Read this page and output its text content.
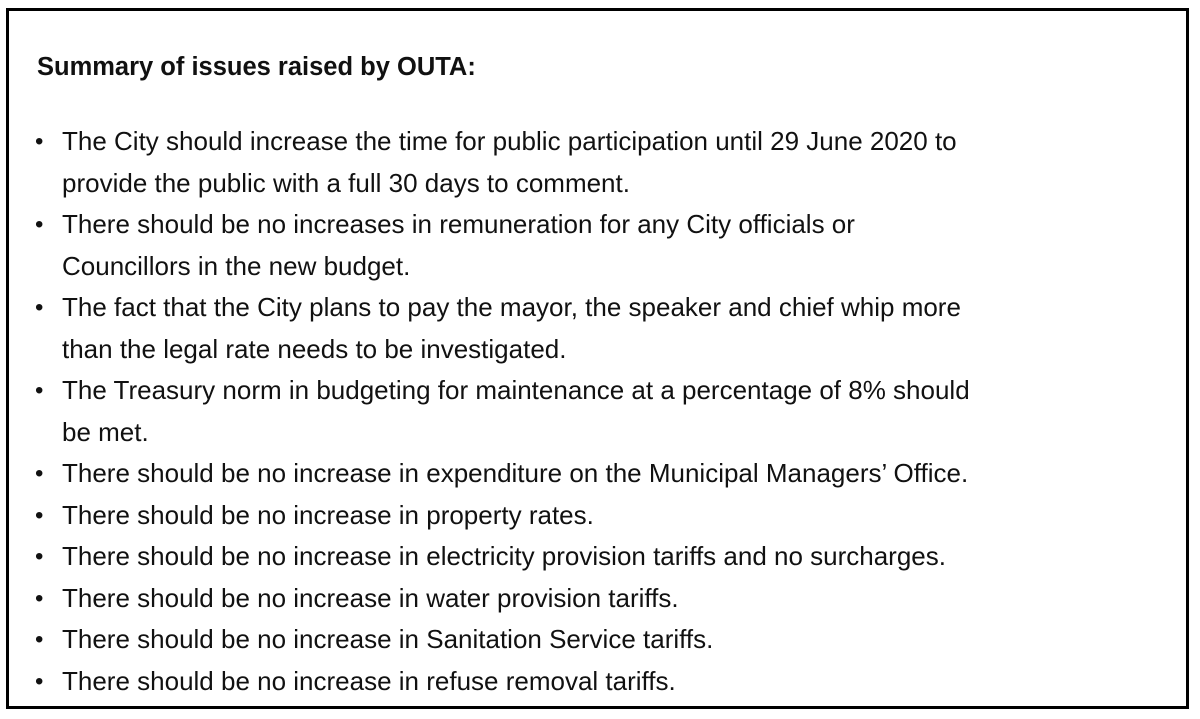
Summary of issues raised by OUTA:
• The City should increase the time for public participation until 29 June 2020 to
provide the public with a full 30 days to comment.
• There should be no increases in remuneration for any City officials or
Councillors in the new budget.
• The fact that the City plans to pay the mayor, the speaker and chief whip more
than the legal rate needs to be investigated.
• The Treasury norm in budgeting for maintenance at a percentage of 8% should
be met.
• There should be no increase in expenditure on the Municipal Managers’ Office.
• There should be no increase in property rates.
• There should be no increase in electricity provision tariffs and no surcharges.
• There should be no increase in water provision tariffs.
• There should be no increase in Sanitation Service tariffs.
• There should be no increase in refuse removal tariffs.
